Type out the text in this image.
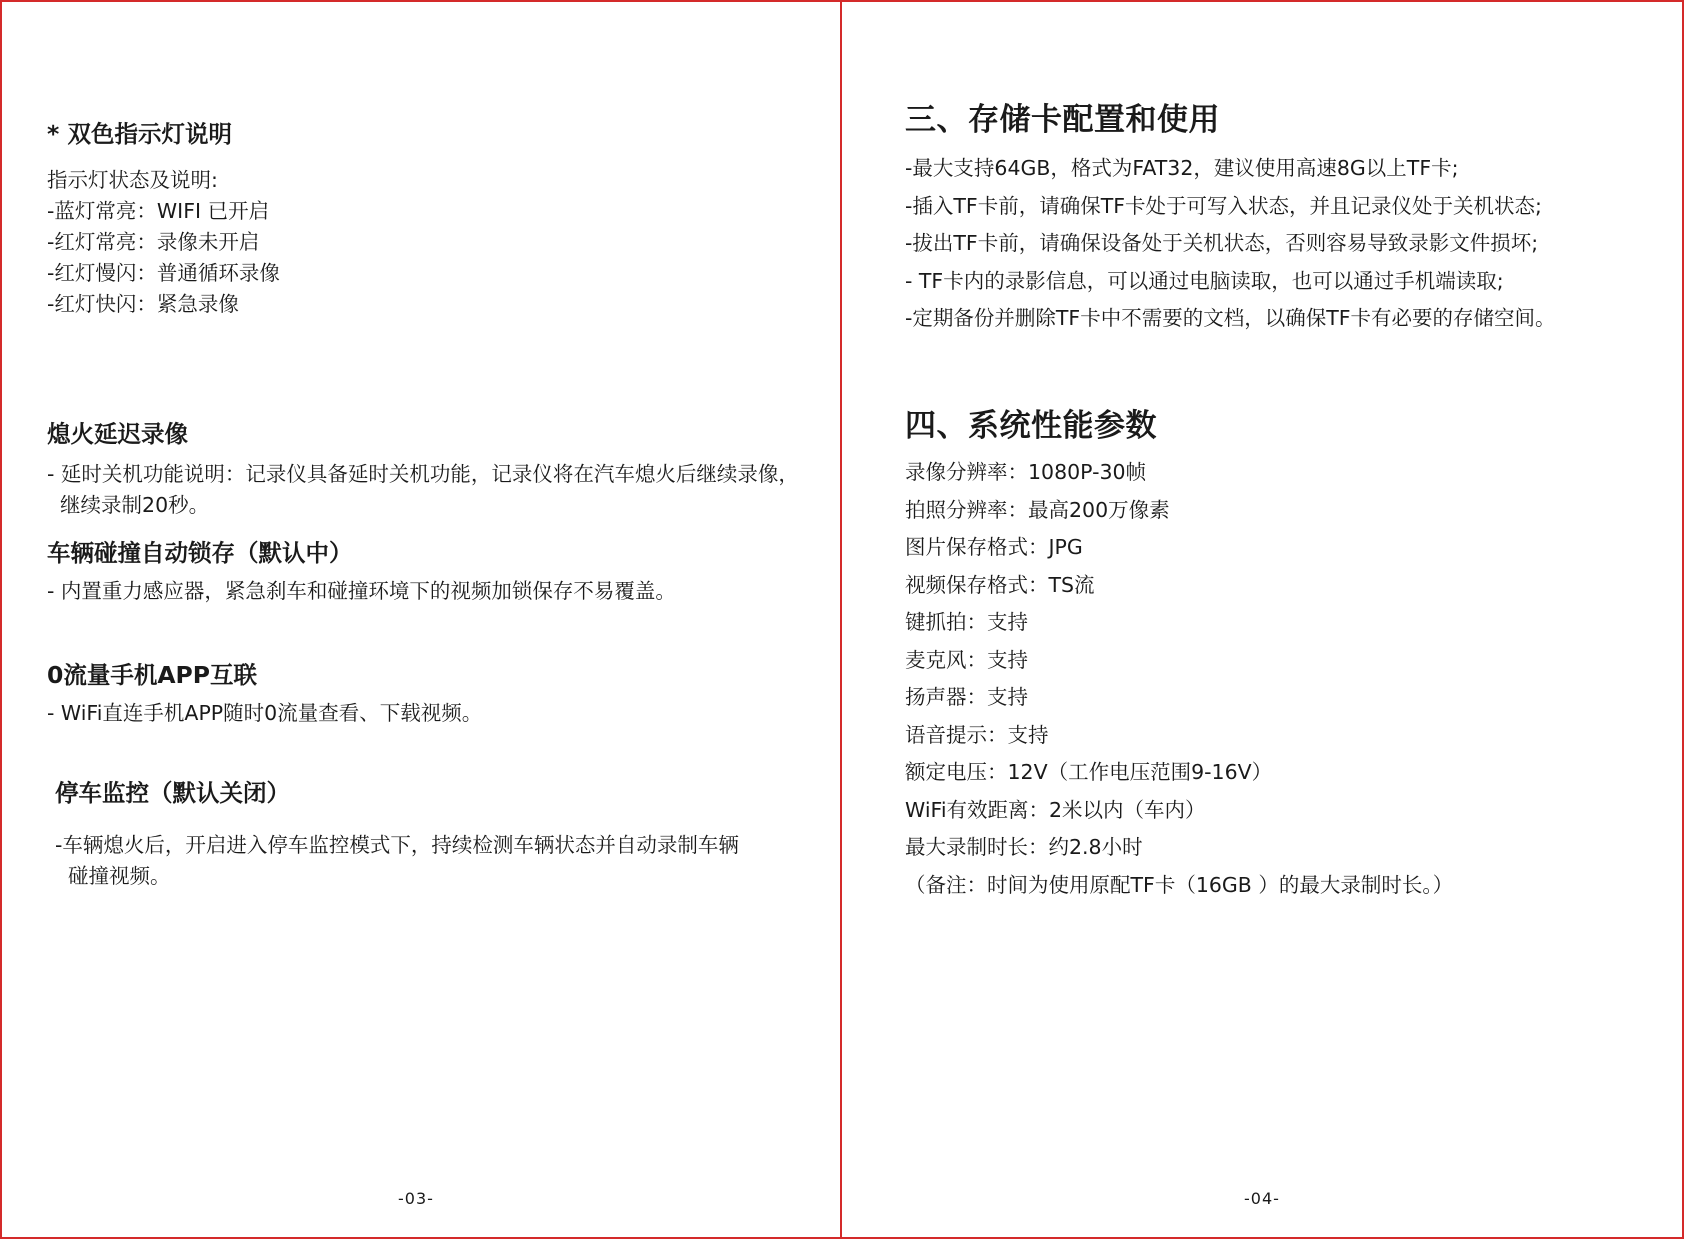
* 双色指示灯说明
指示灯状态及说明:
-蓝灯常亮：WIFI 已开启
-红灯常亮：录像未开启
-红灯慢闪：普通循环录像
-红灯快闪：紧急录像
熄火延迟录像
- 延时关机功能说明：记录仪具备延时关机功能，记录仪将在汽车熄火后继续录像，
继续录制20秒。
车辆碰撞自动锁存（默认中）
- 内置重力感应器，紧急刹车和碰撞环境下的视频加锁保存不易覆盖。
0流量手机APP互联
- WiFi直连手机APP随时0流量查看、下载视频。
停车监控（默认关闭）
-车辆熄火后，开启进入停车监控模式下，持续检测车辆状态并自动录制车辆
碰撞视频。
-03-
三、存储卡配置和使用
-最大支持64GB，格式为FAT32，建议使用高速8G以上TF卡;
-插入TF卡前，请确保TF卡处于可写入状态，并且记录仪处于关机状态;
-拔出TF卡前，请确保设备处于关机状态，否则容易导致录影文件损坏;
- TF卡内的录影信息，可以通过电脑读取，也可以通过手机端读取;
-定期备份并删除TF卡中不需要的文档，以确保TF卡有必要的存储空间。
四、系统性能参数
录像分辨率：1080P-30帧
拍照分辨率：最高200万像素
图片保存格式：JPG
视频保存格式：TS流
键抓拍：支持
麦克风：支持
扬声器：支持
语音提示：支持
额定电压：12V（工作电压范围9-16V）
WiFi有效距离：2米以内（车内）
最大录制时长：约2.8小时
（备注：时间为使用原配TF卡（16GB ）的最大录制时长。）
-04-
